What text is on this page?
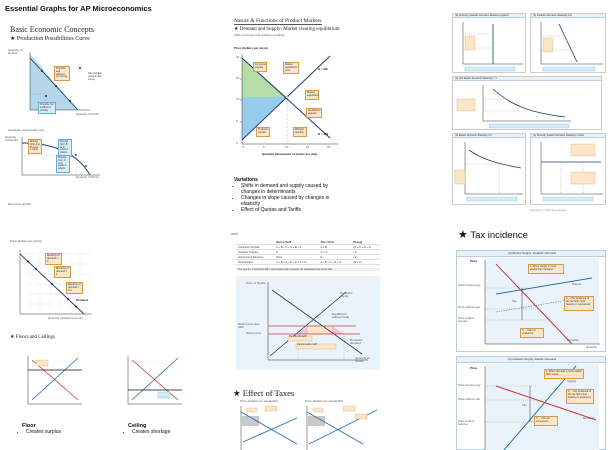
Essential Graphs for AP Microeconomics
Basic Economic Concepts
★ Production Possibilities Curve
Quantity of Robots
Quantity of Pizza
Possible and efficient (on curve)
Not possible (outside the curve)
Possible but inefficient (inside)
Increasing opportunity cost
Quantity of Robots	Moving from A to B costs 1 robot
Moving from B to C costs 2 robots
Moving from C to D costs 4 robots
Quantity of Pizza
Economic growth
Nature & Functions of Product Markets
★ Demand and Supply: Market clearing equilibrium
(with consumer and producer surplus)
Price (dollars per pizza)
20
15
10
5
0
0	5	10	15	20
S = MC
D = MB
Consumer surplus
Market equilibrium price
Market equilibrium
Equilibrium quantity
Producer surplus
Efficient quantity
Quantity (thousands of pizzas per day)
Variations
• Shifts in demand and supply caused by changes in determinants
• Changes in slope caused by changes in elasticity
• Effect of Quotas and Tariffs
(a) Perfectly Inelastic Demand: Elasticity Against	(b) Inelastic Demand: Elasticity 0.8
(c) Unit Elastic Demand: Elasticity = 1
(d) Elastic Demand: Elasticity 1.5	(e) Perfectly Elastic Demand: Elasticity Infinite
Elasticity of demand ranges
Price (dollars per pizza)
Elasticity of demand = 4
Elasticity of demand = 1
Elasticity of demand = 1/4
Demand
Quantity (pizzas per hour)
★ Floors and Ceilings
Floor
• Creates surplus
Ceiling
• Creates shortage
Tariff
	Before Tariff	After Tariff	Change
Consumer Surplus	A + B + C + D + E + F	A + B	-(C + D + E + F)
Producer Surplus	G	C + G	+ C
Government Revenue	None	E	+ E
Total Surplus	A + B + C + D + E + F + G	A + B + C + E + G	-(D + F)
The area D + F shows the fall in total surplus and represents the deadweight loss of the tariff.
Price of Textile
Domestic supply
Equilibrium without trade
World price plus tariff
World price
Domestic demand
Quantity of Textile
Imports with tariff
Imports before tariff
★ Effect of Taxes
Price (dollars per sweatshirt)	Price (dollars per sweatshirt)
★ Tax incidence
(a) Elastic Supply, Inelastic Demand
Price
Price buyers pay
Price without tax
Price sellers receive
Supply
Demand
Tax
1. When supply is more elastic than demand ...
2. ... the incidence of the tax falls more heavily on consumers ...
3. ... than on producers.
Quantity
(b) Inelastic Supply, Elastic Demand
Price
Price buyers pay
Price without tax
Price sellers receive
Supply
Demand
Tax
1. When demand is more elastic than supply ...
2. ... the incidence of the tax falls more heavily on producers ...
3. ... than on consumers.
